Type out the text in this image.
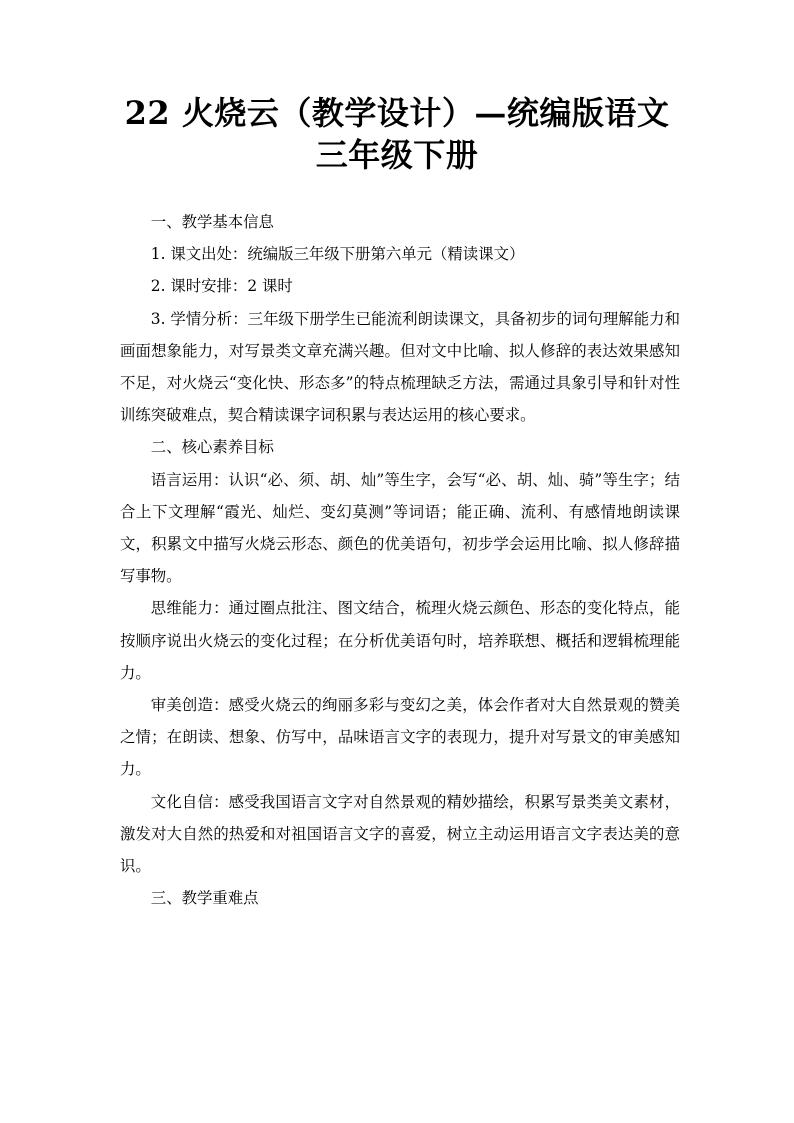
22 火烧云（教学设计）—统编版语文

三年级下册

一、教学基本信息

1. 课文出处：统编版三年级下册第六单元（精读课文）

2. 课时安排：2 课时

3. 学情分析：三年级下册学生已能流利朗读课文，具备初步的词句理解能力和画面想象能力，对写景类文章充满兴趣。但对文中比喻、拟人修辞的表达效果感知不足，对火烧云“变化快、形态多”的特点梳理缺乏方法，需通过具象引导和针对性训练突破难点，契合精读课字词积累与表达运用的核心要求。

二、核心素养目标

语言运用：认识“必、须、胡、灿”等生字，会写“必、胡、灿、骑”等生字；结合上下文理解“霞光、灿烂、变幻莫测”等词语；能正确、流利、有感情地朗读课文，积累文中描写火烧云形态、颜色的优美语句，初步学会运用比喻、拟人修辞描写事物。

思维能力：通过圈点批注、图文结合，梳理火烧云颜色、形态的变化特点，能按顺序说出火烧云的变化过程；在分析优美语句时，培养联想、概括和逻辑梳理能力。

审美创造：感受火烧云的绚丽多彩与变幻之美，体会作者对大自然景观的赞美之情；在朗读、想象、仿写中，品味语言文字的表现力，提升对写景文的审美感知力。

文化自信：感受我国语言文字对自然景观的精妙描绘，积累写景类美文素材，激发对大自然的热爱和对祖国语言文字的喜爱，树立主动运用语言文字表达美的意识。

三、教学重难点
